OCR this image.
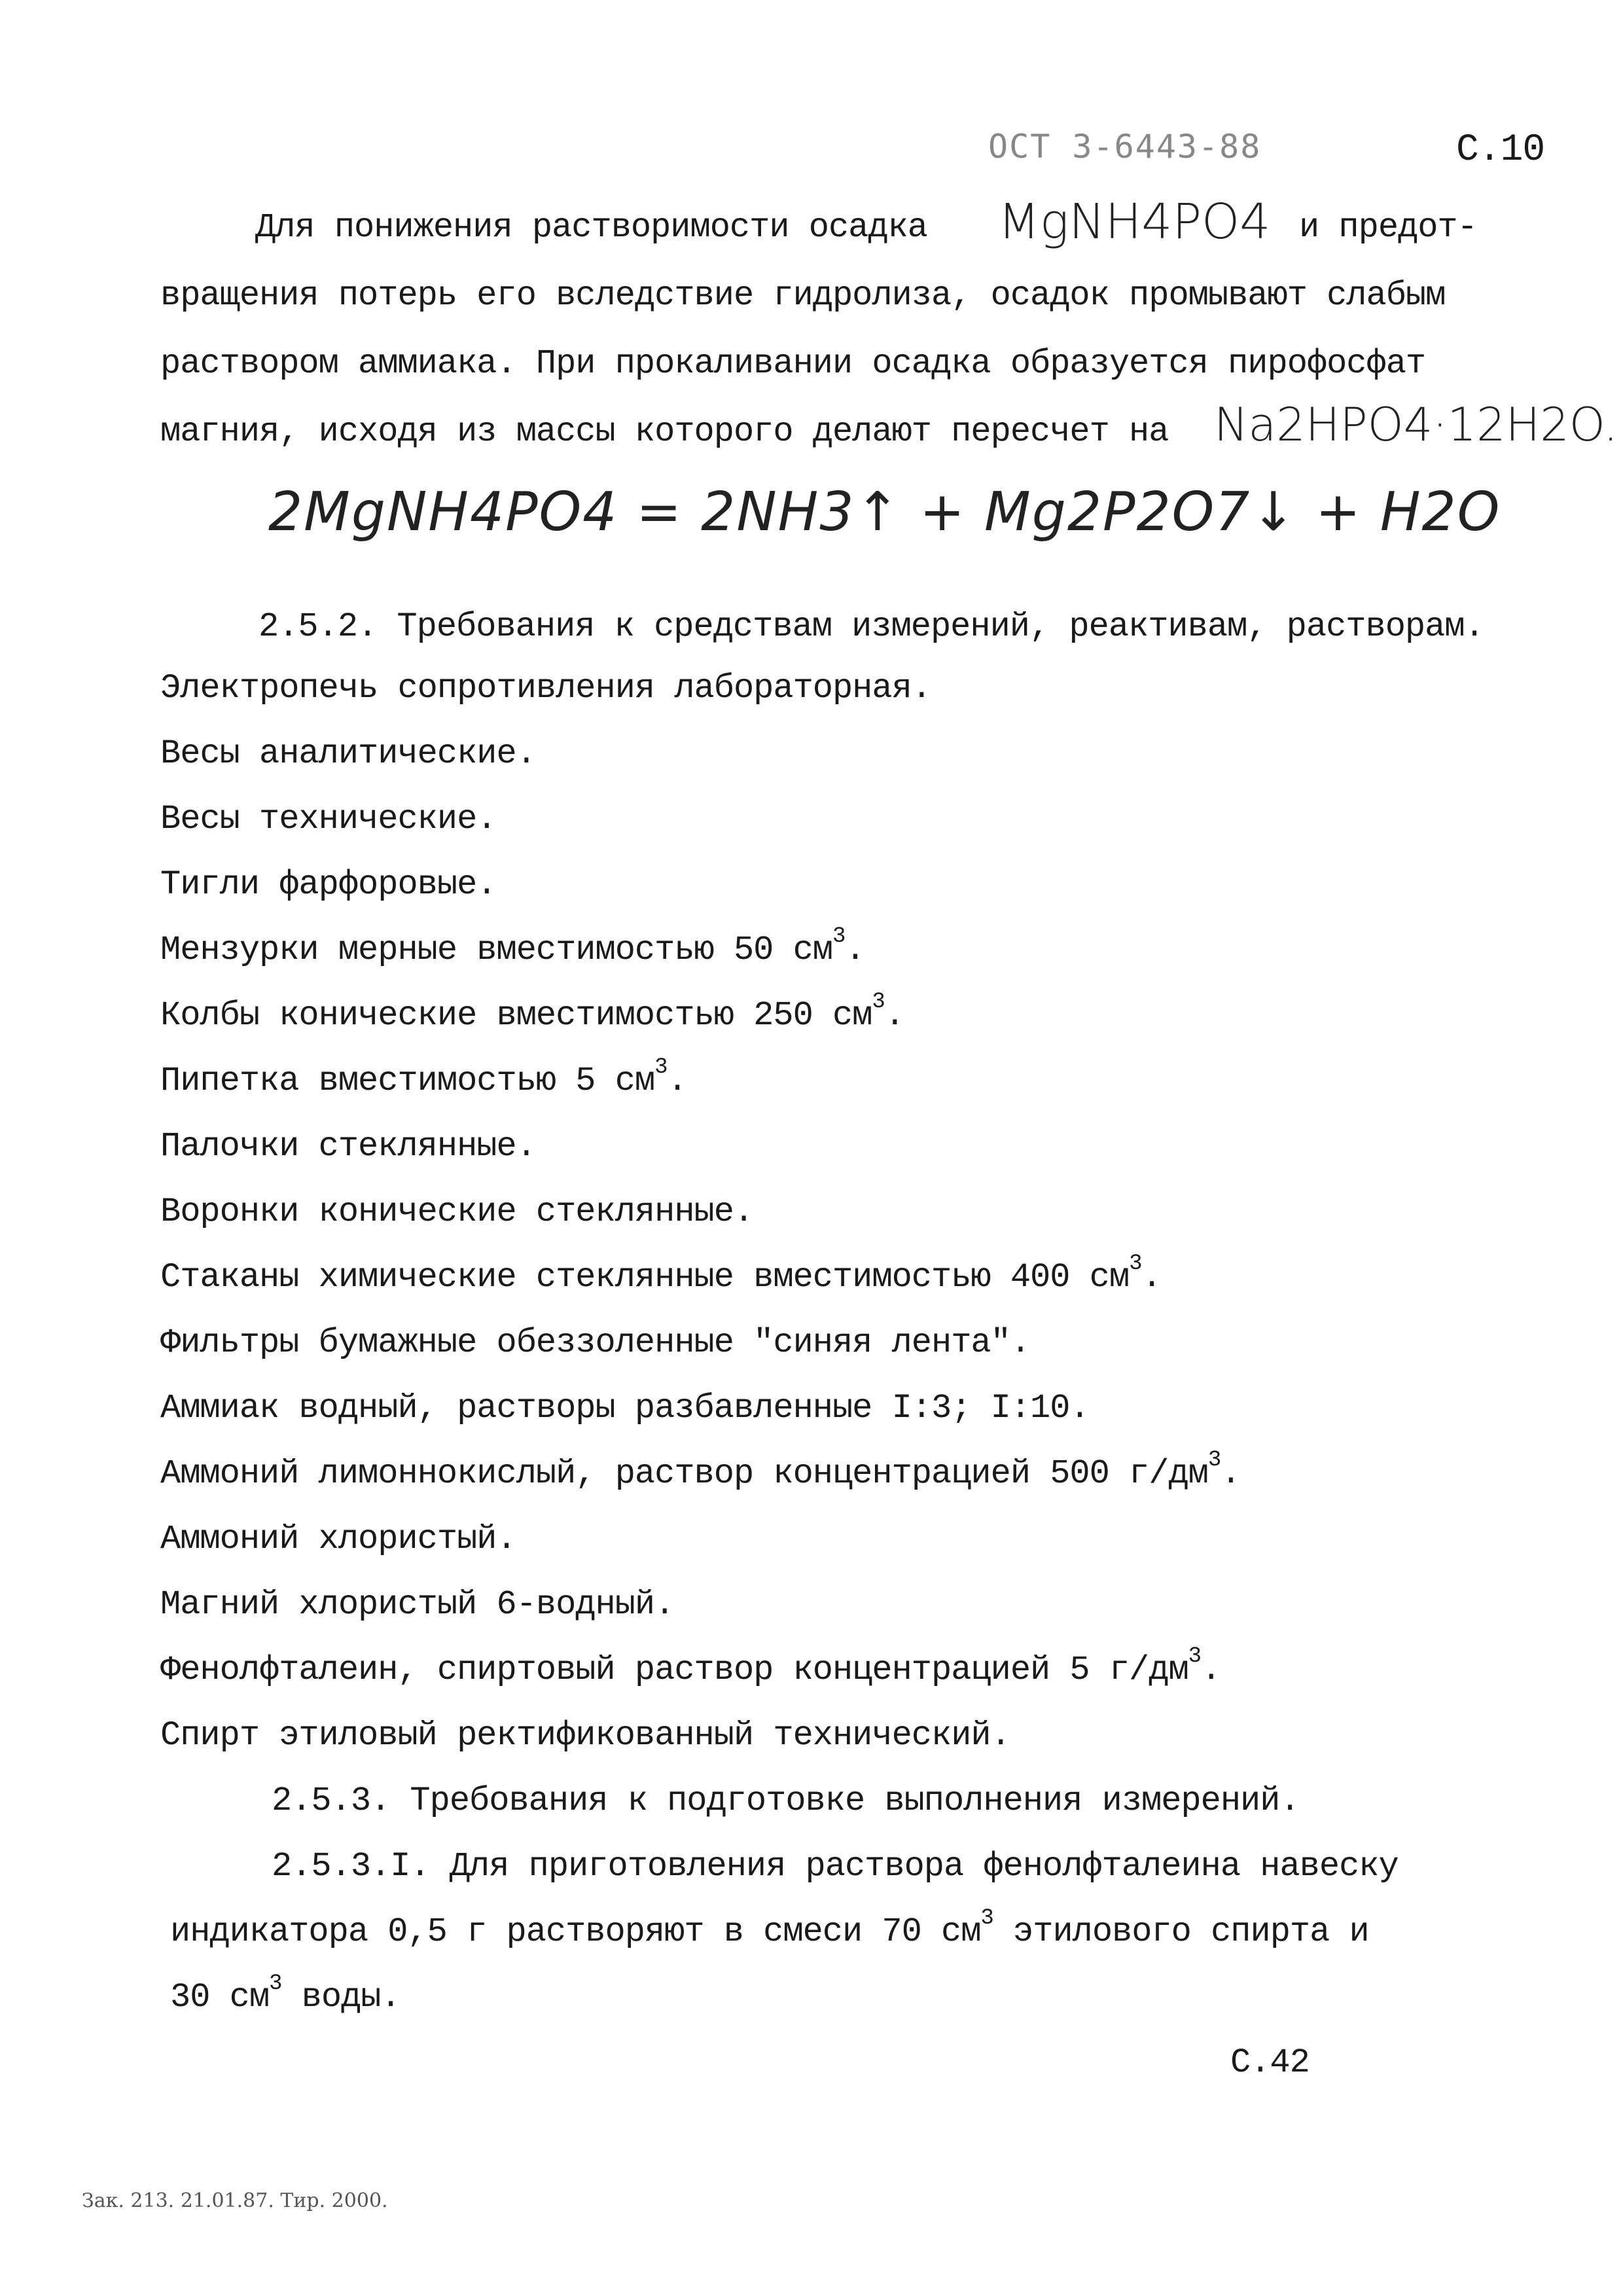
ОСТ 3-6443-88	С.10
Для понижения растворимости осадка MgNH4PO4 и предот-
вращения потерь его вследствие гидролиза, осадок промывают слабым
раствором аммиака. При прокаливании осадка образуется пирофосфат
магния, исходя из массы которого делают пересчет на Na2HPO4·12H2O.
2MgNH4PO4 = 2NH3↑ + Mg2P2O7↓ + H2O
2.5.2. Требования к средствам измерений, реактивам, растворам.
Электропечь сопротивления лабораторная.
Весы аналитические.
Весы технические.
Тигли фарфоровые.
Мензурки мерные вместимостью 50 $см^3$.
Колбы конические вместимостью 250 $см^3$.
Пипетка вместимостью 5 $см^3$.
Палочки стеклянные.
Воронки конические стеклянные.
Стаканы химические стеклянные вместимостью 400 $см^3$.
Фильтры бумажные обеззоленные "синяя лента".
Аммиак водный, растворы разбавленные I:3; I:10.
Аммоний лимоннокислый, раствор концентрацией 500 $г/дм^3$.
Аммоний хлористый.
Магний хлористый 6-водный.
Фенолфталеин, спиртовый раствор концентрацией 5 $г/дм^3$.
Спирт этиловый ректификованный технический.
2.5.3. Требования к подготовке выполнения измерений.
2.5.3.I. Для приготовления раствора фенолфталеина навеску
индикатора 0,5 г растворяют в смеси 70 $см^3$ этилового спирта и
30 $см^3$ воды.
С.42
Зак. 213. 21.01.87. Тир. 2000.
